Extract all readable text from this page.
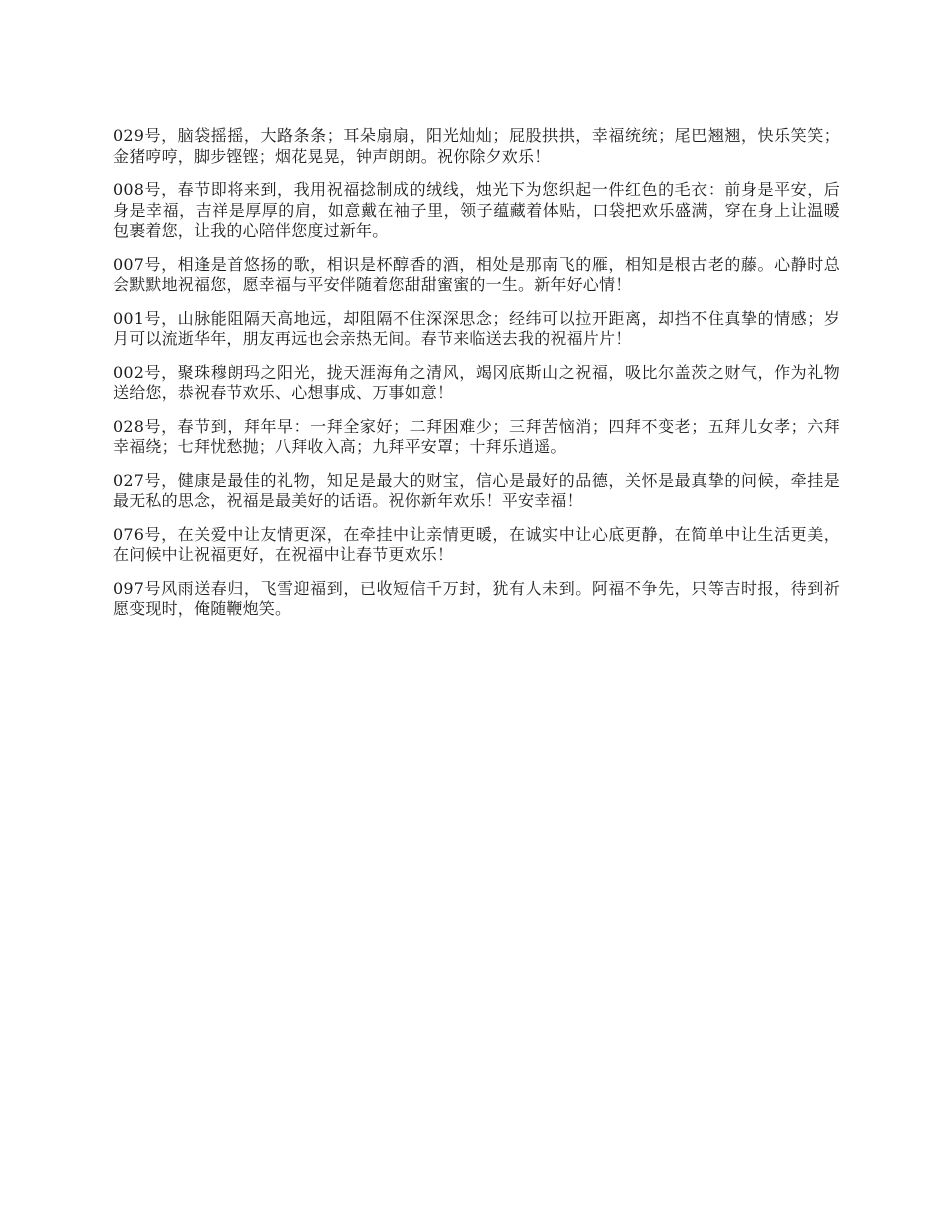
029号，脑袋摇摇，大路条条；耳朵扇扇，阳光灿灿；屁股拱拱，幸福统统；尾巴翘翘，快乐笑笑；金猪哼哼，脚步铿铿；烟花晃晃，钟声朗朗。祝你除夕欢乐！

008号，春节即将来到，我用祝福捻制成的绒线，烛光下为您织起一件红色的毛衣：前身是平安，后身是幸福，吉祥是厚厚的肩，如意戴在袖子里，领子蕴藏着体贴，口袋把欢乐盛满，穿在身上让温暖包裹着您，让我的心陪伴您度过新年。

007号，相逢是首悠扬的歌，相识是杯醇香的酒，相处是那南飞的雁，相知是根古老的藤。心静时总会默默地祝福您，愿幸福与平安伴随着您甜甜蜜蜜的一生。新年好心情！

001号，山脉能阻隔天高地远，却阻隔不住深深思念；经纬可以拉开距离，却挡不住真挚的情感；岁月可以流逝华年，朋友再远也会亲热无间。春节来临送去我的祝福片片！

002号，聚珠穆朗玛之阳光，拢天涯海角之清风，竭冈底斯山之祝福，吸比尔盖茨之财气，作为礼物送给您，恭祝春节欢乐、心想事成、万事如意！

028号，春节到，拜年早：一拜全家好；二拜困难少；三拜苦恼消；四拜不变老；五拜儿女孝；六拜幸福绕；七拜忧愁抛；八拜收入高；九拜平安罩；十拜乐逍遥。

027号，健康是最佳的礼物，知足是最大的财宝，信心是最好的品德，关怀是最真挚的问候，牵挂是最无私的思念，祝福是最美好的话语。祝你新年欢乐！平安幸福！

076号，在关爱中让友情更深，在牵挂中让亲情更暖，在诚实中让心底更静，在简单中让生活更美，在问候中让祝福更好，在祝福中让春节更欢乐！

097号风雨送春归，飞雪迎福到，已收短信千万封，犹有人未到。阿福不争先，只等吉时报，待到祈愿变现时，俺随鞭炮笑。
